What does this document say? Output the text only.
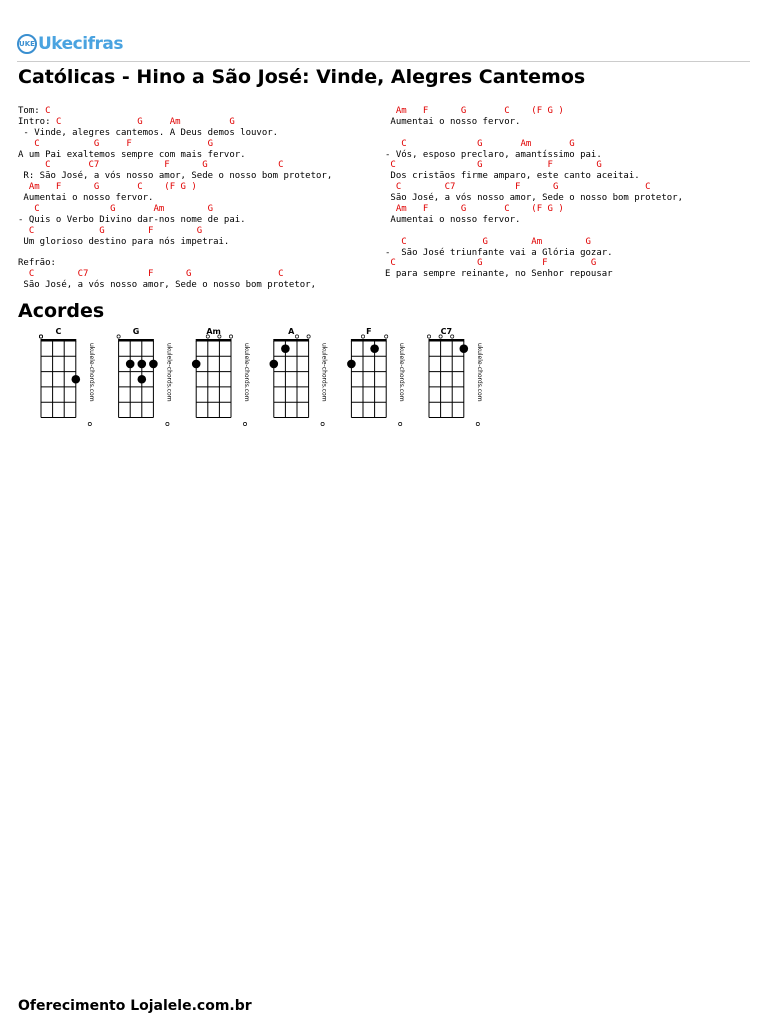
UKE Ukecifras
Católicas - Hino a São José: Vinde, Alegres Cantemos
Tom: C
Intro: C              G     Am         G
- Vinde, alegres cantemos. A Deus demos louvor.
C          G     F              G
A um Pai exaltemos sempre com mais fervor.
C       C7            F      G             C
R: São José, a vós nosso amor, Sede o nosso bom protetor,
Am   F      G       C    (F G )
Aumentai o nosso fervor.
C             G       Am        G
- Quis o Verbo Divino dar-nos nome de pai.
C            G        F        G
Um glorioso destino para nós impetrai.
Refrão:
C        C7           F      G                C
São José, a vós nosso amor, Sede o nosso bom protetor,
Am   F      G       C    (F G )
Aumentai o nosso fervor.
C             G       Am       G
- Vós, esposo preclaro, amantíssimo pai.
C               G            F        G
Dos cristãos firme amparo, este canto aceitai.
C        C7           F      G                C
São José, a vós nosso amor, Sede o nosso bom protetor,
Am   F      G       C    (F G )
Aumentai o nosso fervor.
C              G        Am        G
-  São José triunfante vai a Glória gozar.
C               G           F        G
E para sempre reinante, no Senhor repousar
Acordes
C
ukulele-chords.com
G
ukulele-chords.com
Am
ukulele-chords.com
A
ukulele-chords.com
F
ukulele-chords.com
C7
ukulele-chords.com
Oferecimento Lojalele.com.br
